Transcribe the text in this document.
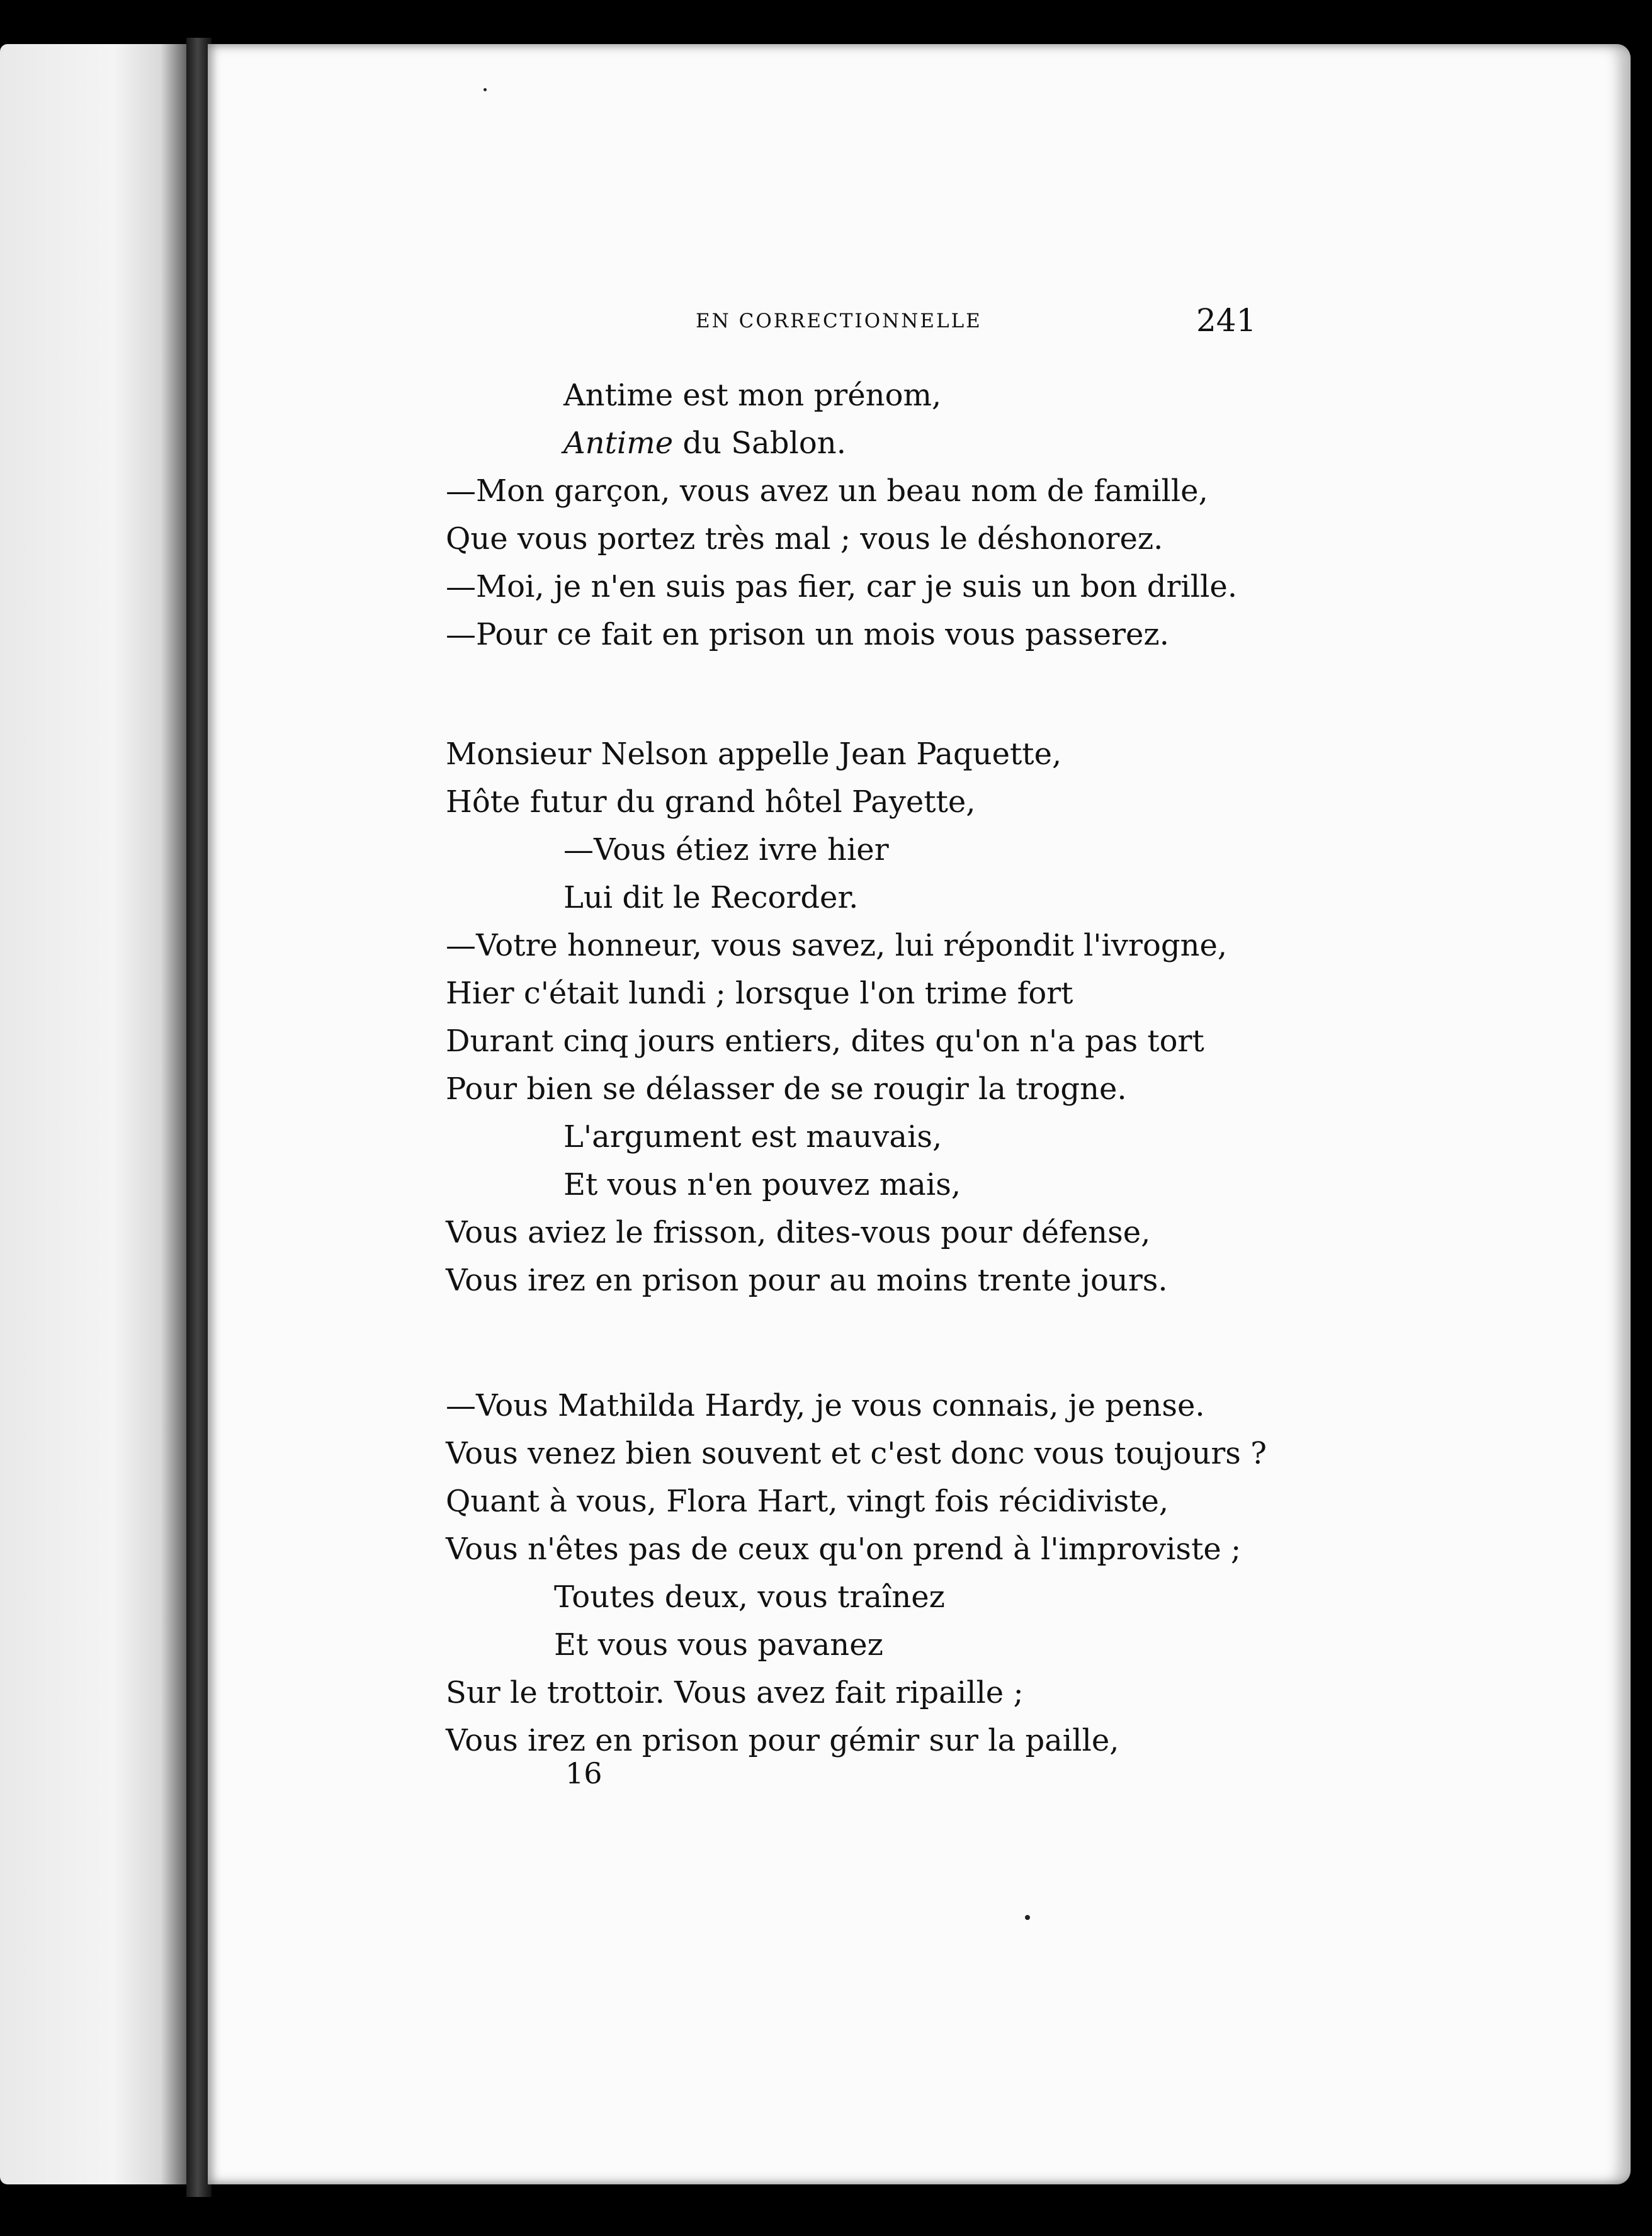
EN CORRECTIONNELLE	241
Antime est mon prénom,
Antime du Sablon.
—Mon garçon, vous avez un beau nom de famille,
Que vous portez très mal ; vous le déshonorez.
—Moi, je n'en suis pas fier, car je suis un bon drille.
—Pour ce fait en prison un mois vous passerez.
Monsieur Nelson appelle Jean Paquette,
Hôte futur du grand hôtel Payette,
—Vous étiez ivre hier
Lui dit le Recorder.
—Votre honneur, vous savez, lui répondit l'ivrogne,
Hier c'était lundi ; lorsque l'on trime fort
Durant cinq jours entiers, dites qu'on n'a pas tort
Pour bien se délasser de se rougir la trogne.
L'argument est mauvais,
Et vous n'en pouvez mais,
Vous aviez le frisson, dites-vous pour défense,
Vous irez en prison pour au moins trente jours.
—Vous Mathilda Hardy, je vous connais, je pense.
Vous venez bien souvent et c'est donc vous toujours ?
Quant à vous, Flora Hart, vingt fois récidiviste,
Vous n'êtes pas de ceux qu'on prend à l'improviste ;
Toutes deux, vous traînez
Et vous vous pavanez
Sur le trottoir. Vous avez fait ripaille ;
Vous irez en prison pour gémir sur la paille,
16
